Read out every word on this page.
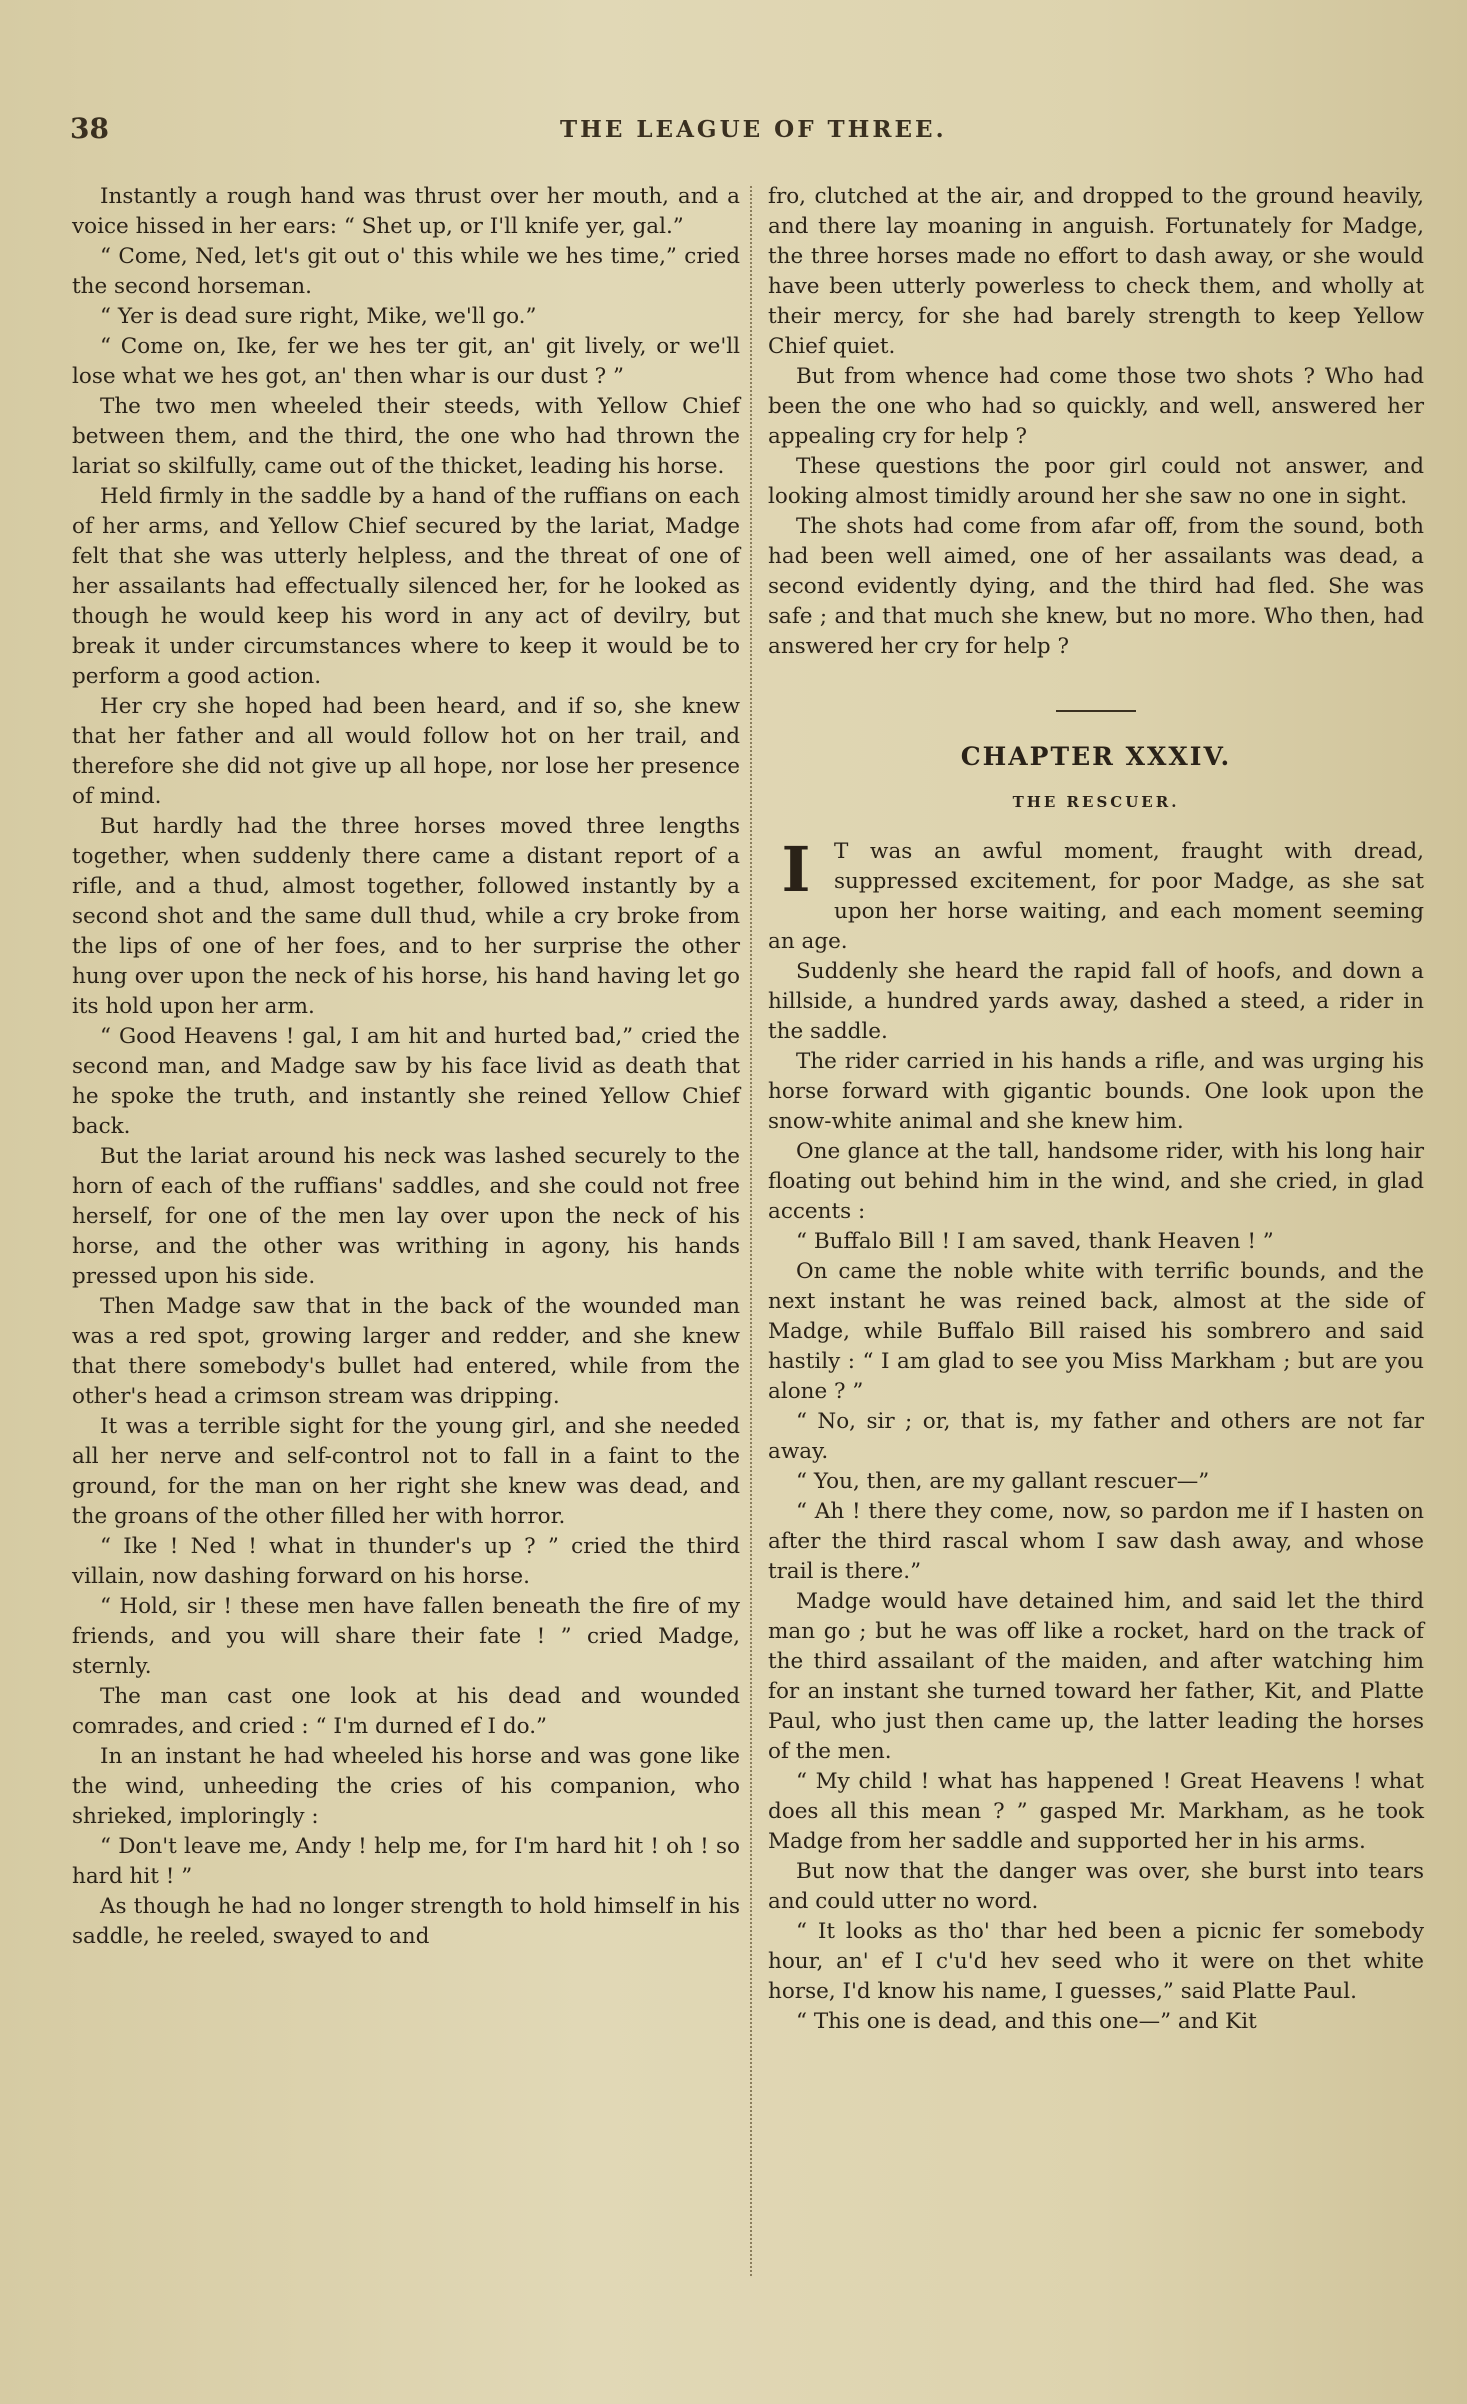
38	THE LEAGUE OF THREE.

Instantly a rough hand was thrust over her mouth, and a voice hissed in her ears: “ Shet up, or I'll knife yer, gal.”

“ Come, Ned, let's git out o' this while we hes time,” cried the second horseman.

“ Yer is dead sure right, Mike, we'll go.”

“ Come on, Ike, fer we hes ter git, an' git lively, or we'll lose what we hes got, an' then whar is our dust ? ”

The two men wheeled their steeds, with Yellow Chief between them, and the third, the one who had thrown the lariat so skilfully, came out of the thicket, leading his horse.

Held firmly in the saddle by a hand of the ruffians on each of her arms, and Yellow Chief secured by the lariat, Madge felt that she was utterly helpless, and the threat of one of her assailants had effectually silenced her, for he looked as though he would keep his word in any act of devilry, but break it under circumstances where to keep it would be to perform a good action.

Her cry she hoped had been heard, and if so, she knew that her father and all would follow hot on her trail, and therefore she did not give up all hope, nor lose her presence of mind.

But hardly had the three horses moved three lengths together, when suddenly there came a distant report of a rifle, and a thud, almost together, followed instantly by a second shot and the same dull thud, while a cry broke from the lips of one of her foes, and to her surprise the other hung over upon the neck of his horse, his hand having let go its hold upon her arm.

“ Good Heavens ! gal, I am hit and hurted bad,” cried the second man, and Madge saw by his face livid as death that he spoke the truth, and instantly she reined Yellow Chief back.

But the lariat around his neck was lashed securely to the horn of each of the ruffians' saddles, and she could not free herself, for one of the men lay over upon the neck of his horse, and the other was writhing in agony, his hands pressed upon his side.

Then Madge saw that in the back of the wounded man was a red spot, growing larger and redder, and she knew that there somebody's bullet had entered, while from the other's head a crimson stream was dripping.

It was a terrible sight for the young girl, and she needed all her nerve and self-control not to fall in a faint to the ground, for the man on her right she knew was dead, and the groans of the other filled her with horror.

“ Ike ! Ned ! what in thunder's up ? ” cried the third villain, now dashing forward on his horse.

“ Hold, sir ! these men have fallen beneath the fire of my friends, and you will share their fate ! ” cried Madge, sternly.

The man cast one look at his dead and wounded comrades, and cried : “ I'm durned ef I do.”

In an instant he had wheeled his horse and was gone like the wind, unheeding the cries of his companion, who shrieked, imploringly :

“ Don't leave me, Andy ! help me, for I'm hard hit ! oh ! so hard hit ! ”

As though he had no longer strength to hold himself in his saddle, he reeled, swayed to and

fro, clutched at the air, and dropped to the ground heavily, and there lay moaning in anguish. Fortunately for Madge, the three horses made no effort to dash away, or she would have been utterly powerless to check them, and wholly at their mercy, for she had barely strength to keep Yellow Chief quiet.

But from whence had come those two shots ? Who had been the one who had so quickly, and well, answered her appealing cry for help ?

These questions the poor girl could not answer, and looking almost timidly around her she saw no one in sight.

The shots had come from afar off, from the sound, both had been well aimed, one of her assailants was dead, a second evidently dying, and the third had fled. She was safe ; and that much she knew, but no more. Who then, had answered her cry for help ?

CHAPTER XXXIV.
THE RESCUER.
I	T was an awful moment, fraught with dread, suppressed excitement, for poor Madge, as she sat upon her horse waiting, and each moment seeming an age.

Suddenly she heard the rapid fall of hoofs, and down a hillside, a hundred yards away, dashed a steed, a rider in the saddle.

The rider carried in his hands a rifle, and was urging his horse forward with gigantic bounds. One look upon the snow-white animal and she knew him.

One glance at the tall, handsome rider, with his long hair floating out behind him in the wind, and she cried, in glad accents :

“ Buffalo Bill ! I am saved, thank Heaven ! ”

On came the noble white with terrific bounds, and the next instant he was reined back, almost at the side of Madge, while Buffalo Bill raised his sombrero and said hastily : “ I am glad to see you Miss Markham ; but are you alone ? ”

“ No, sir ; or, that is, my father and others are not far away.

“ You, then, are my gallant rescuer—”

“ Ah ! there they come, now, so pardon me if I hasten on after the third rascal whom I saw dash away, and whose trail is there.”

Madge would have detained him, and said let the third man go ; but he was off like a rocket, hard on the track of the third assailant of the maiden, and after watching him for an instant she turned toward her father, Kit, and Platte Paul, who just then came up, the latter leading the horses of the men.

“ My child ! what has happened ! Great Heavens ! what does all this mean ? ” gasped Mr. Markham, as he took Madge from her saddle and supported her in his arms.

But now that the danger was over, she burst into tears and could utter no word.

“ It looks as tho' thar hed been a picnic fer somebody hour, an' ef I c'u'd hev seed who it were on thet white horse, I'd know his name, I guesses,” said Platte Paul.

“ This one is dead, and this one—” and Kit
